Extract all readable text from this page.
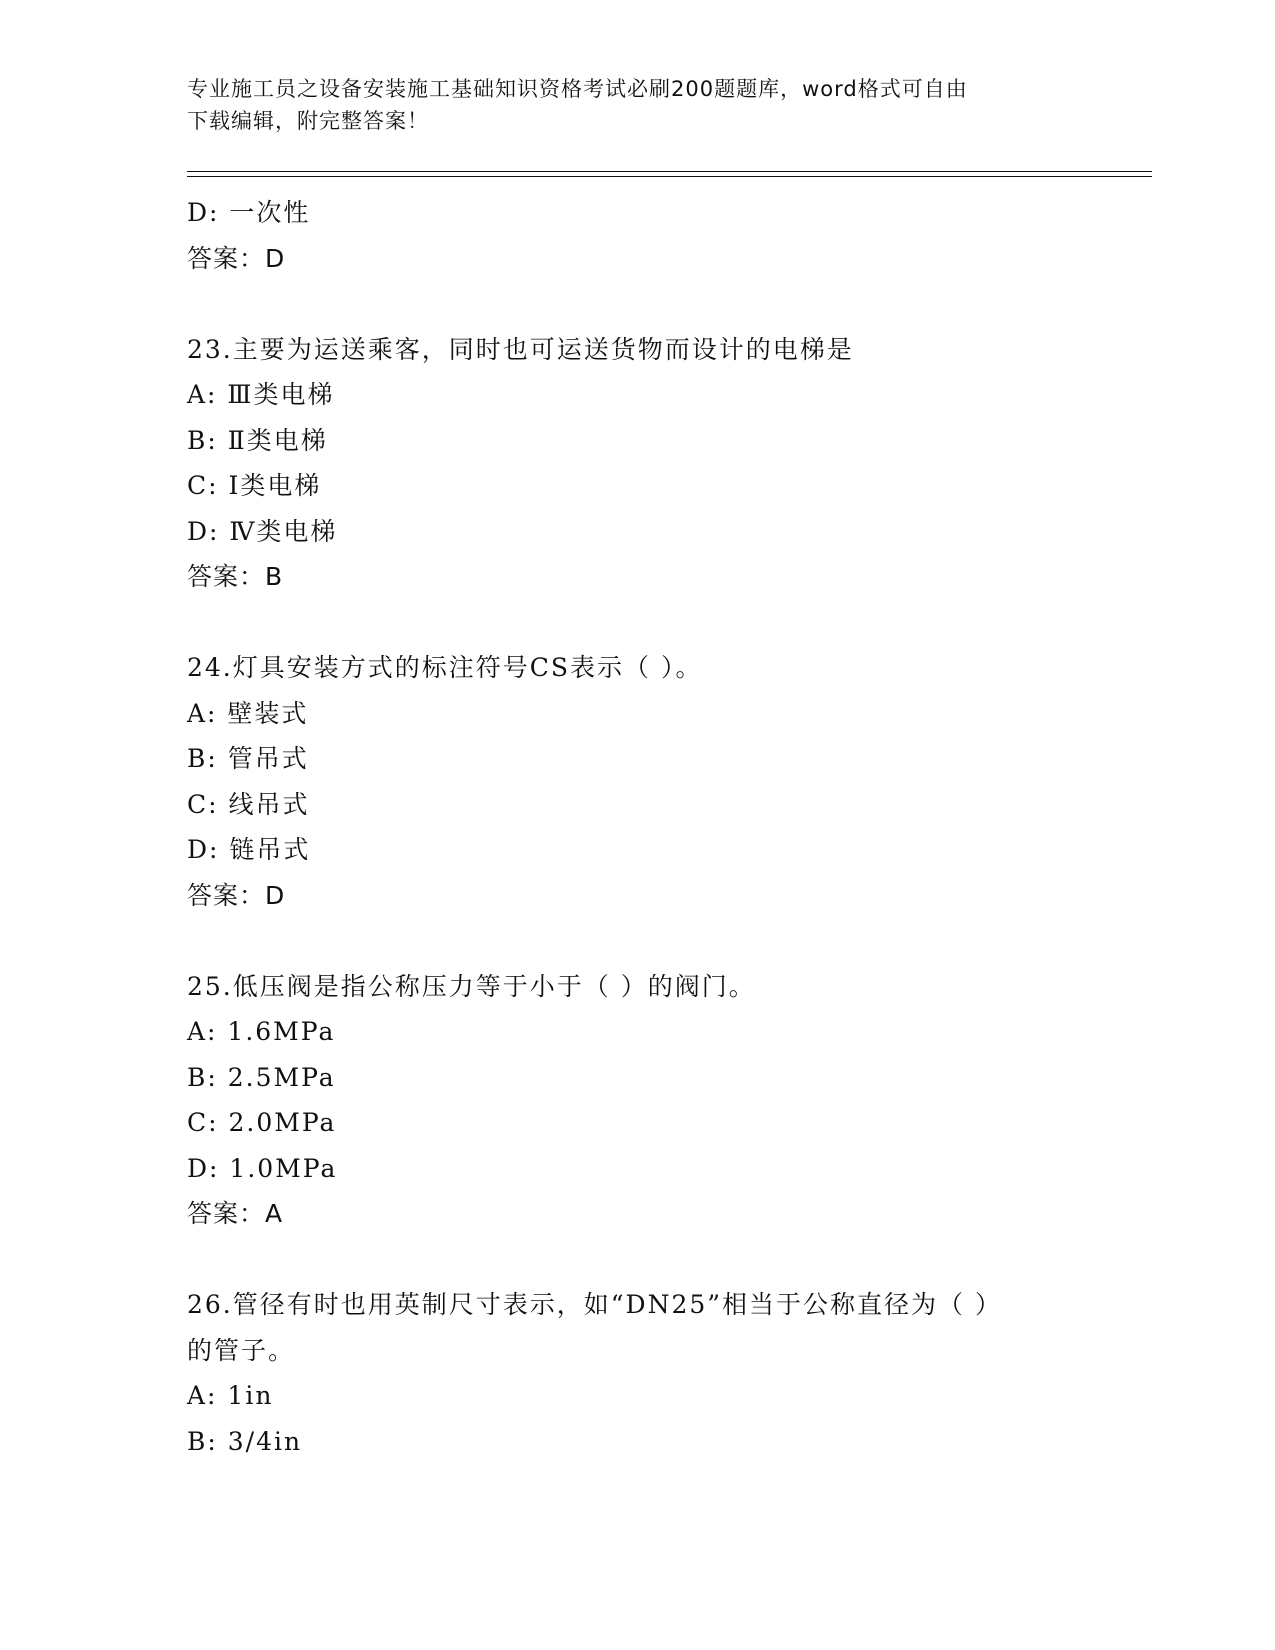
专业施工员之设备安装施工基础知识资格考试必刷200题题库，word格式可自由
下载编辑，附完整答案！
D: 一次性
答案：D
23.主要为运送乘客，同时也可运送货物而设计的电梯是
A: Ⅲ类电梯
B: Ⅱ类电梯
C: Ⅰ类电梯
D: Ⅳ类电梯
答案：B
24.灯具安装方式的标注符号CS表示（ ）。
A: 壁装式
B: 管吊式
C: 线吊式
D: 链吊式
答案：D
25.低压阀是指公称压力等于小于（ ）的阀门。
A: 1.6MPa
B: 2.5MPa
C: 2.0MPa
D: 1.0MPa
答案：A
26.管径有时也用英制尺寸表示，如“DN25”相当于公称直径为（ ）
的管子。
A: 1in
B: 3/4in
